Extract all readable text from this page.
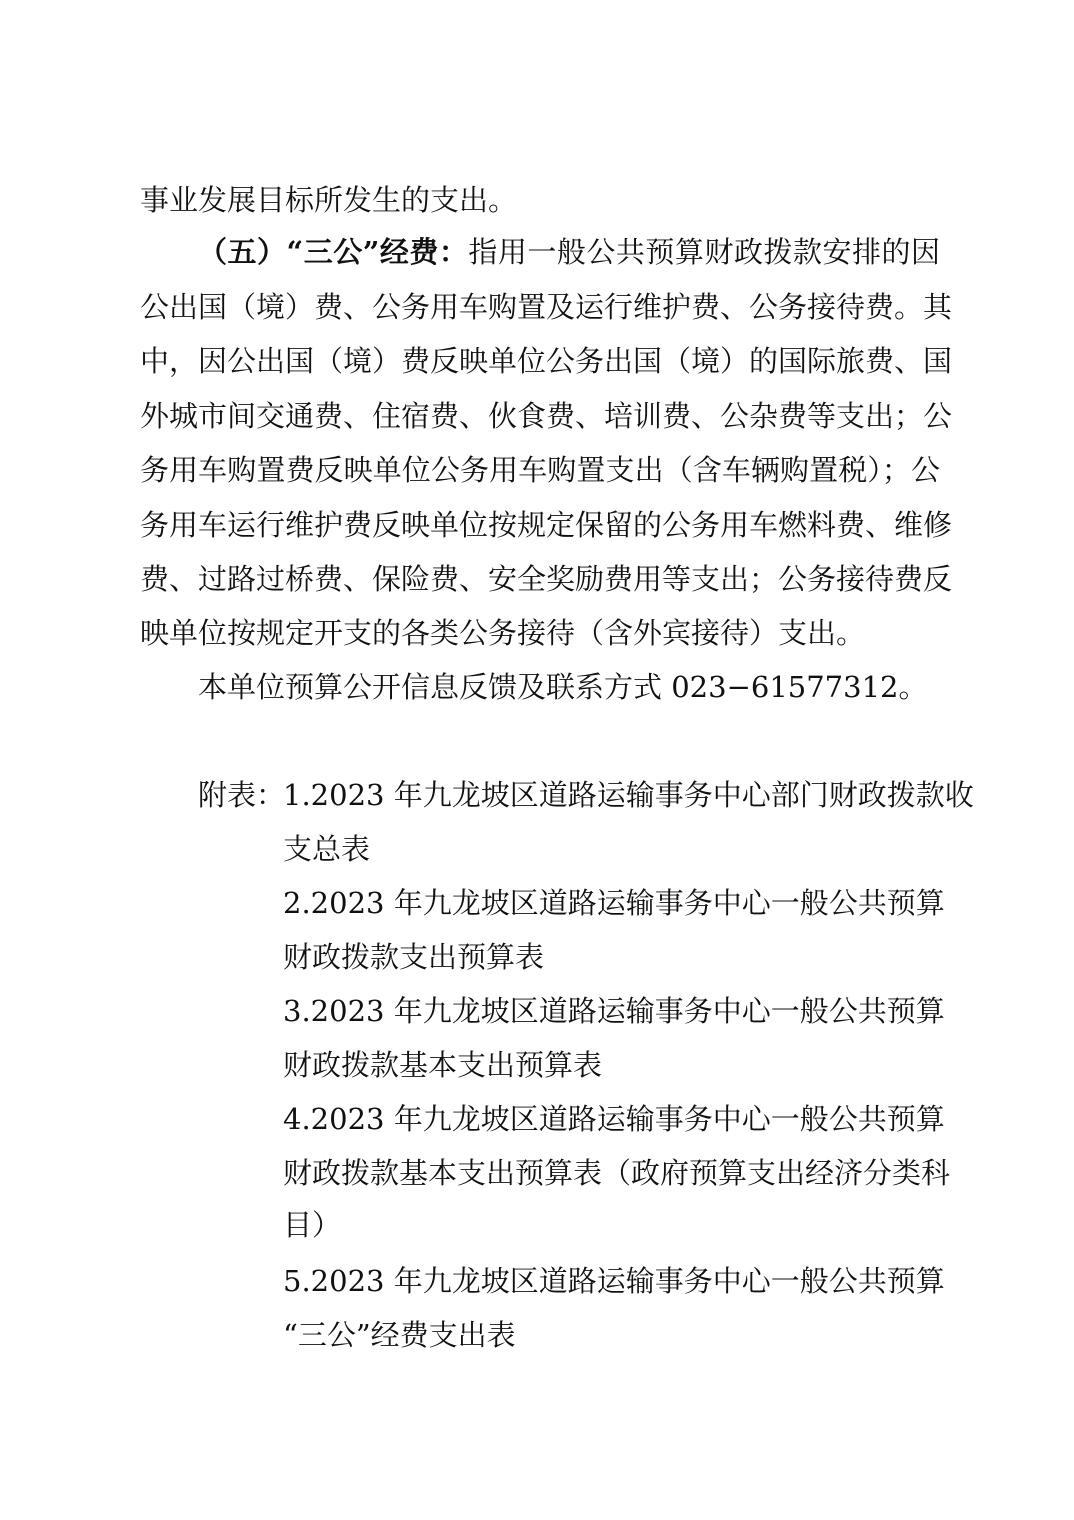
事业发展目标所发生的支出。
（五）“三公”经费：指用一般公共预算财政拨款安排的因
公出国（境）费、公务用车购置及运行维护费、公务接待费。其
中，因公出国（境）费反映单位公务出国（境）的国际旅费、国
外城市间交通费、住宿费、伙食费、培训费、公杂费等支出；公
务用车购置费反映单位公务用车购置支出（含车辆购置税）；公
务用车运行维护费反映单位按规定保留的公务用车燃料费、维修
费、过路过桥费、保险费、安全奖励费用等支出；公务接待费反
映单位按规定开支的各类公务接待（含外宾接待）支出。
本单位预算公开信息反馈及联系方式 023−61577312。
附表：
1.2023 年九龙坡区道路运输事务中心部门财政拨款收
支总表
2.2023 年九龙坡区道路运输事务中心一般公共预算
财政拨款支出预算表
3.2023 年九龙坡区道路运输事务中心一般公共预算
财政拨款基本支出预算表
4.2023 年九龙坡区道路运输事务中心一般公共预算
财政拨款基本支出预算表（政府预算支出经济分类科
目）
5.2023 年九龙坡区道路运输事务中心一般公共预算
“三公”经费支出表
